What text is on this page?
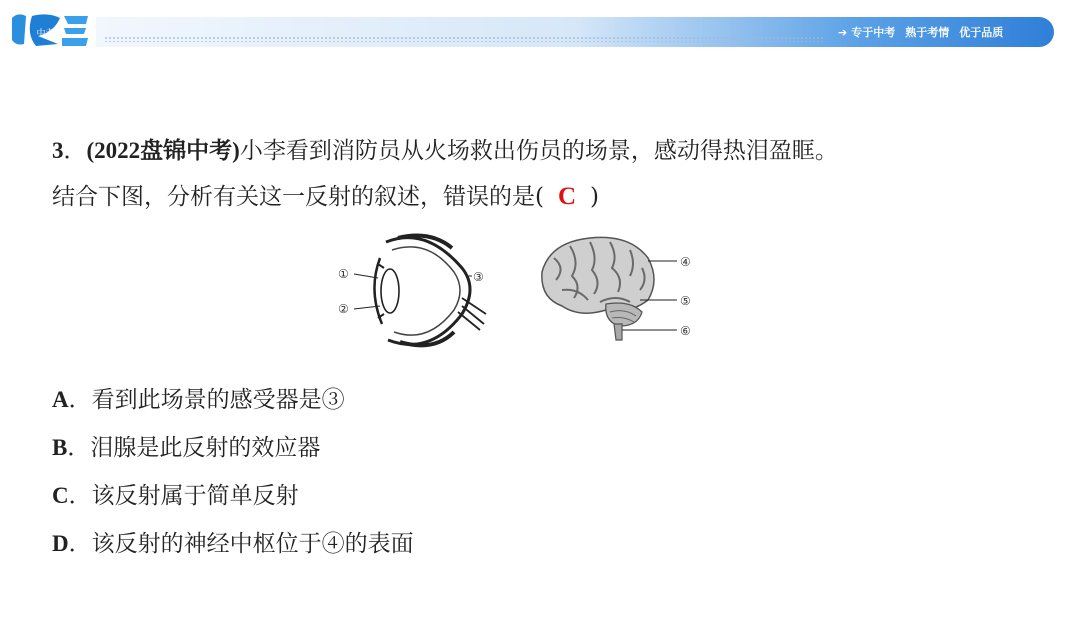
中考三	➔ 专于中考 熟于考情 优于品质
3．(2022盘锦中考)小李看到消防员从火场救出伤员的场景，感动得热泪盈眶。
结合下图，分析有关这一反射的叙述，错误的是( C )
①
②
③
④
⑤
⑥
A．看到此场景的感受器是③
B．泪腺是此反射的效应器
C．该反射属于简单反射
D．该反射的神经中枢位于④的表面
